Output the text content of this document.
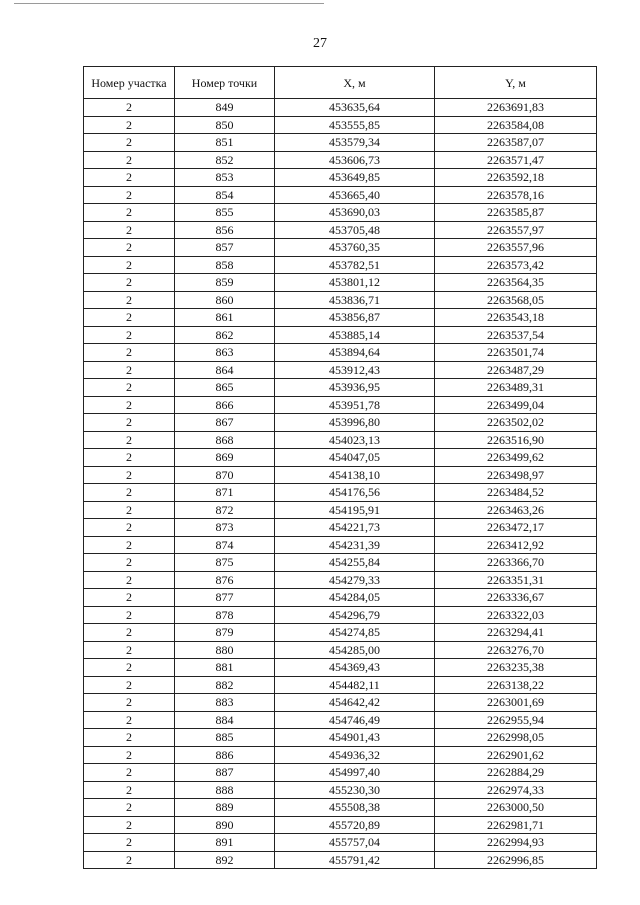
27
Номер участка	Номер точки	X, м	Y, м
2	849	453635,64	2263691,83
2	850	453555,85	2263584,08
2	851	453579,34	2263587,07
2	852	453606,73	2263571,47
2	853	453649,85	2263592,18
2	854	453665,40	2263578,16
2	855	453690,03	2263585,87
2	856	453705,48	2263557,97
2	857	453760,35	2263557,96
2	858	453782,51	2263573,42
2	859	453801,12	2263564,35
2	860	453836,71	2263568,05
2	861	453856,87	2263543,18
2	862	453885,14	2263537,54
2	863	453894,64	2263501,74
2	864	453912,43	2263487,29
2	865	453936,95	2263489,31
2	866	453951,78	2263499,04
2	867	453996,80	2263502,02
2	868	454023,13	2263516,90
2	869	454047,05	2263499,62
2	870	454138,10	2263498,97
2	871	454176,56	2263484,52
2	872	454195,91	2263463,26
2	873	454221,73	2263472,17
2	874	454231,39	2263412,92
2	875	454255,84	2263366,70
2	876	454279,33	2263351,31
2	877	454284,05	2263336,67
2	878	454296,79	2263322,03
2	879	454274,85	2263294,41
2	880	454285,00	2263276,70
2	881	454369,43	2263235,38
2	882	454482,11	2263138,22
2	883	454642,42	2263001,69
2	884	454746,49	2262955,94
2	885	454901,43	2262998,05
2	886	454936,32	2262901,62
2	887	454997,40	2262884,29
2	888	455230,30	2262974,33
2	889	455508,38	2263000,50
2	890	455720,89	2262981,71
2	891	455757,04	2262994,93
2	892	455791,42	2262996,85
